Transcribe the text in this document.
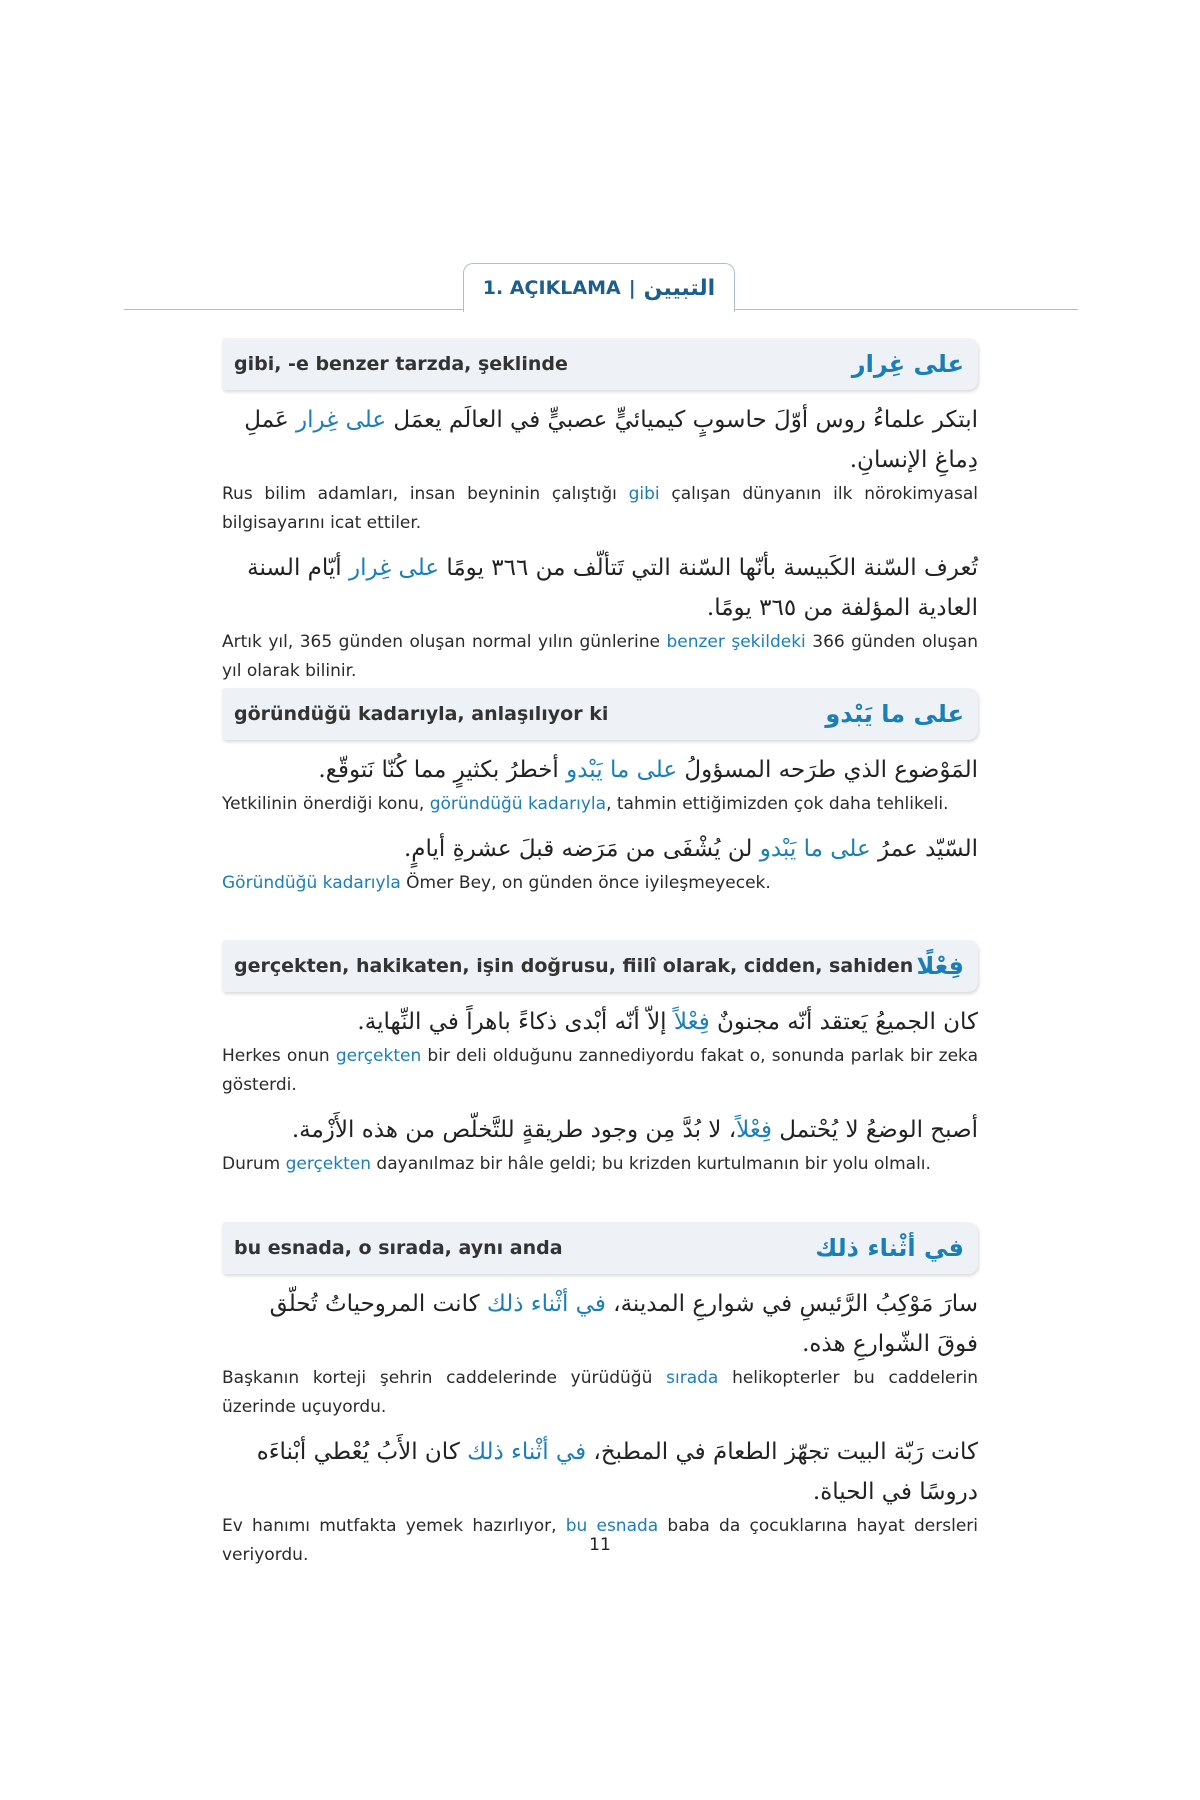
1. AÇIKLAMA | التبيين
gibi, -e benzer tarzda, şeklinde	على غِرار
ابتكر علماءُ روس أوّلَ حاسوبٍ كيميائيٍّ عصبيٍّ في العالَم يعمَل على غِرار عَملِ دِماغِ الإنسانِ.
Rus bilim adamları, insan beyninin çalıştığı gibi çalışan dünyanın ilk nörokimyasal bilgisayarını icat ettiler.
تُعرف السّنة الكَبيسة بأنّها السّنة التي تَتألّف من ٣٦٦ يومًا على غِرار أيّام السنة العادية المؤلفة من ٣٦٥ يومًا.
Artık yıl, 365 günden oluşan normal yılın günlerine benzer şekildeki 366 günden oluşan yıl olarak bilinir.
göründüğü kadarıyla, anlaşılıyor ki	على ما يَبْدو
المَوْضوع الذي طرَحه المسؤولُ على ما يَبْدو أخطرُ بكثيرٍ مما كُنّا نَتوقّع.
Yetkilinin önerdiği konu, göründüğü kadarıyla, tahmin ettiğimizden çok daha tehlikeli.
السّيّد عمرُ على ما يَبْدو لن يُشْفَى من مَرَضه قبلَ عشرةِ أيامٍ.
Göründüğü kadarıyla Ömer Bey, on günden önce iyileşmeyecek.
gerçekten, hakikaten, işin doğrusu, fiilî olarak, cidden, sahiden فِعْلًا
كان الجميعُ يَعتقد أنّه مجنونٌ فِعْلاً إلاّ أنّه أبْدى ذكاءً باهراً في النِّهاية.
Herkes onun gerçekten bir deli olduğunu zannediyordu fakat o, sonunda parlak bir zeka gösterdi.
أصبح الوضعُ لا يُحْتمل فِعْلاً، لا بُدَّ مِن وجود طريقةٍ للتَّخلّص من هذه الأَزْمة.
Durum gerçekten dayanılmaz bir hâle geldi; bu krizden kurtulmanın bir yolu olmalı.
bu esnada, o sırada, aynı anda	في أثْناء ذلك
سارَ مَوْكِبُ الرَّئيسِ في شوارعِ المدينة، في أثْناء ذلك كانت المروحياتُ تُحلّق فوقَ الشّوارعِ هذه.
Başkanın korteji şehrin caddelerinde yürüdüğü sırada helikopterler bu caddelerin üzerinde uçuyordu.
كانت رَبّة البيت تجهّز الطعامَ في المطبخ، في أثْناء ذلك كان الأَبُ يُعْطي أبْناءَه دروسًا في الحياة.
Ev hanımı mutfakta yemek hazırlıyor, bu esnada baba da çocuklarına hayat dersleri veriyordu.	11
